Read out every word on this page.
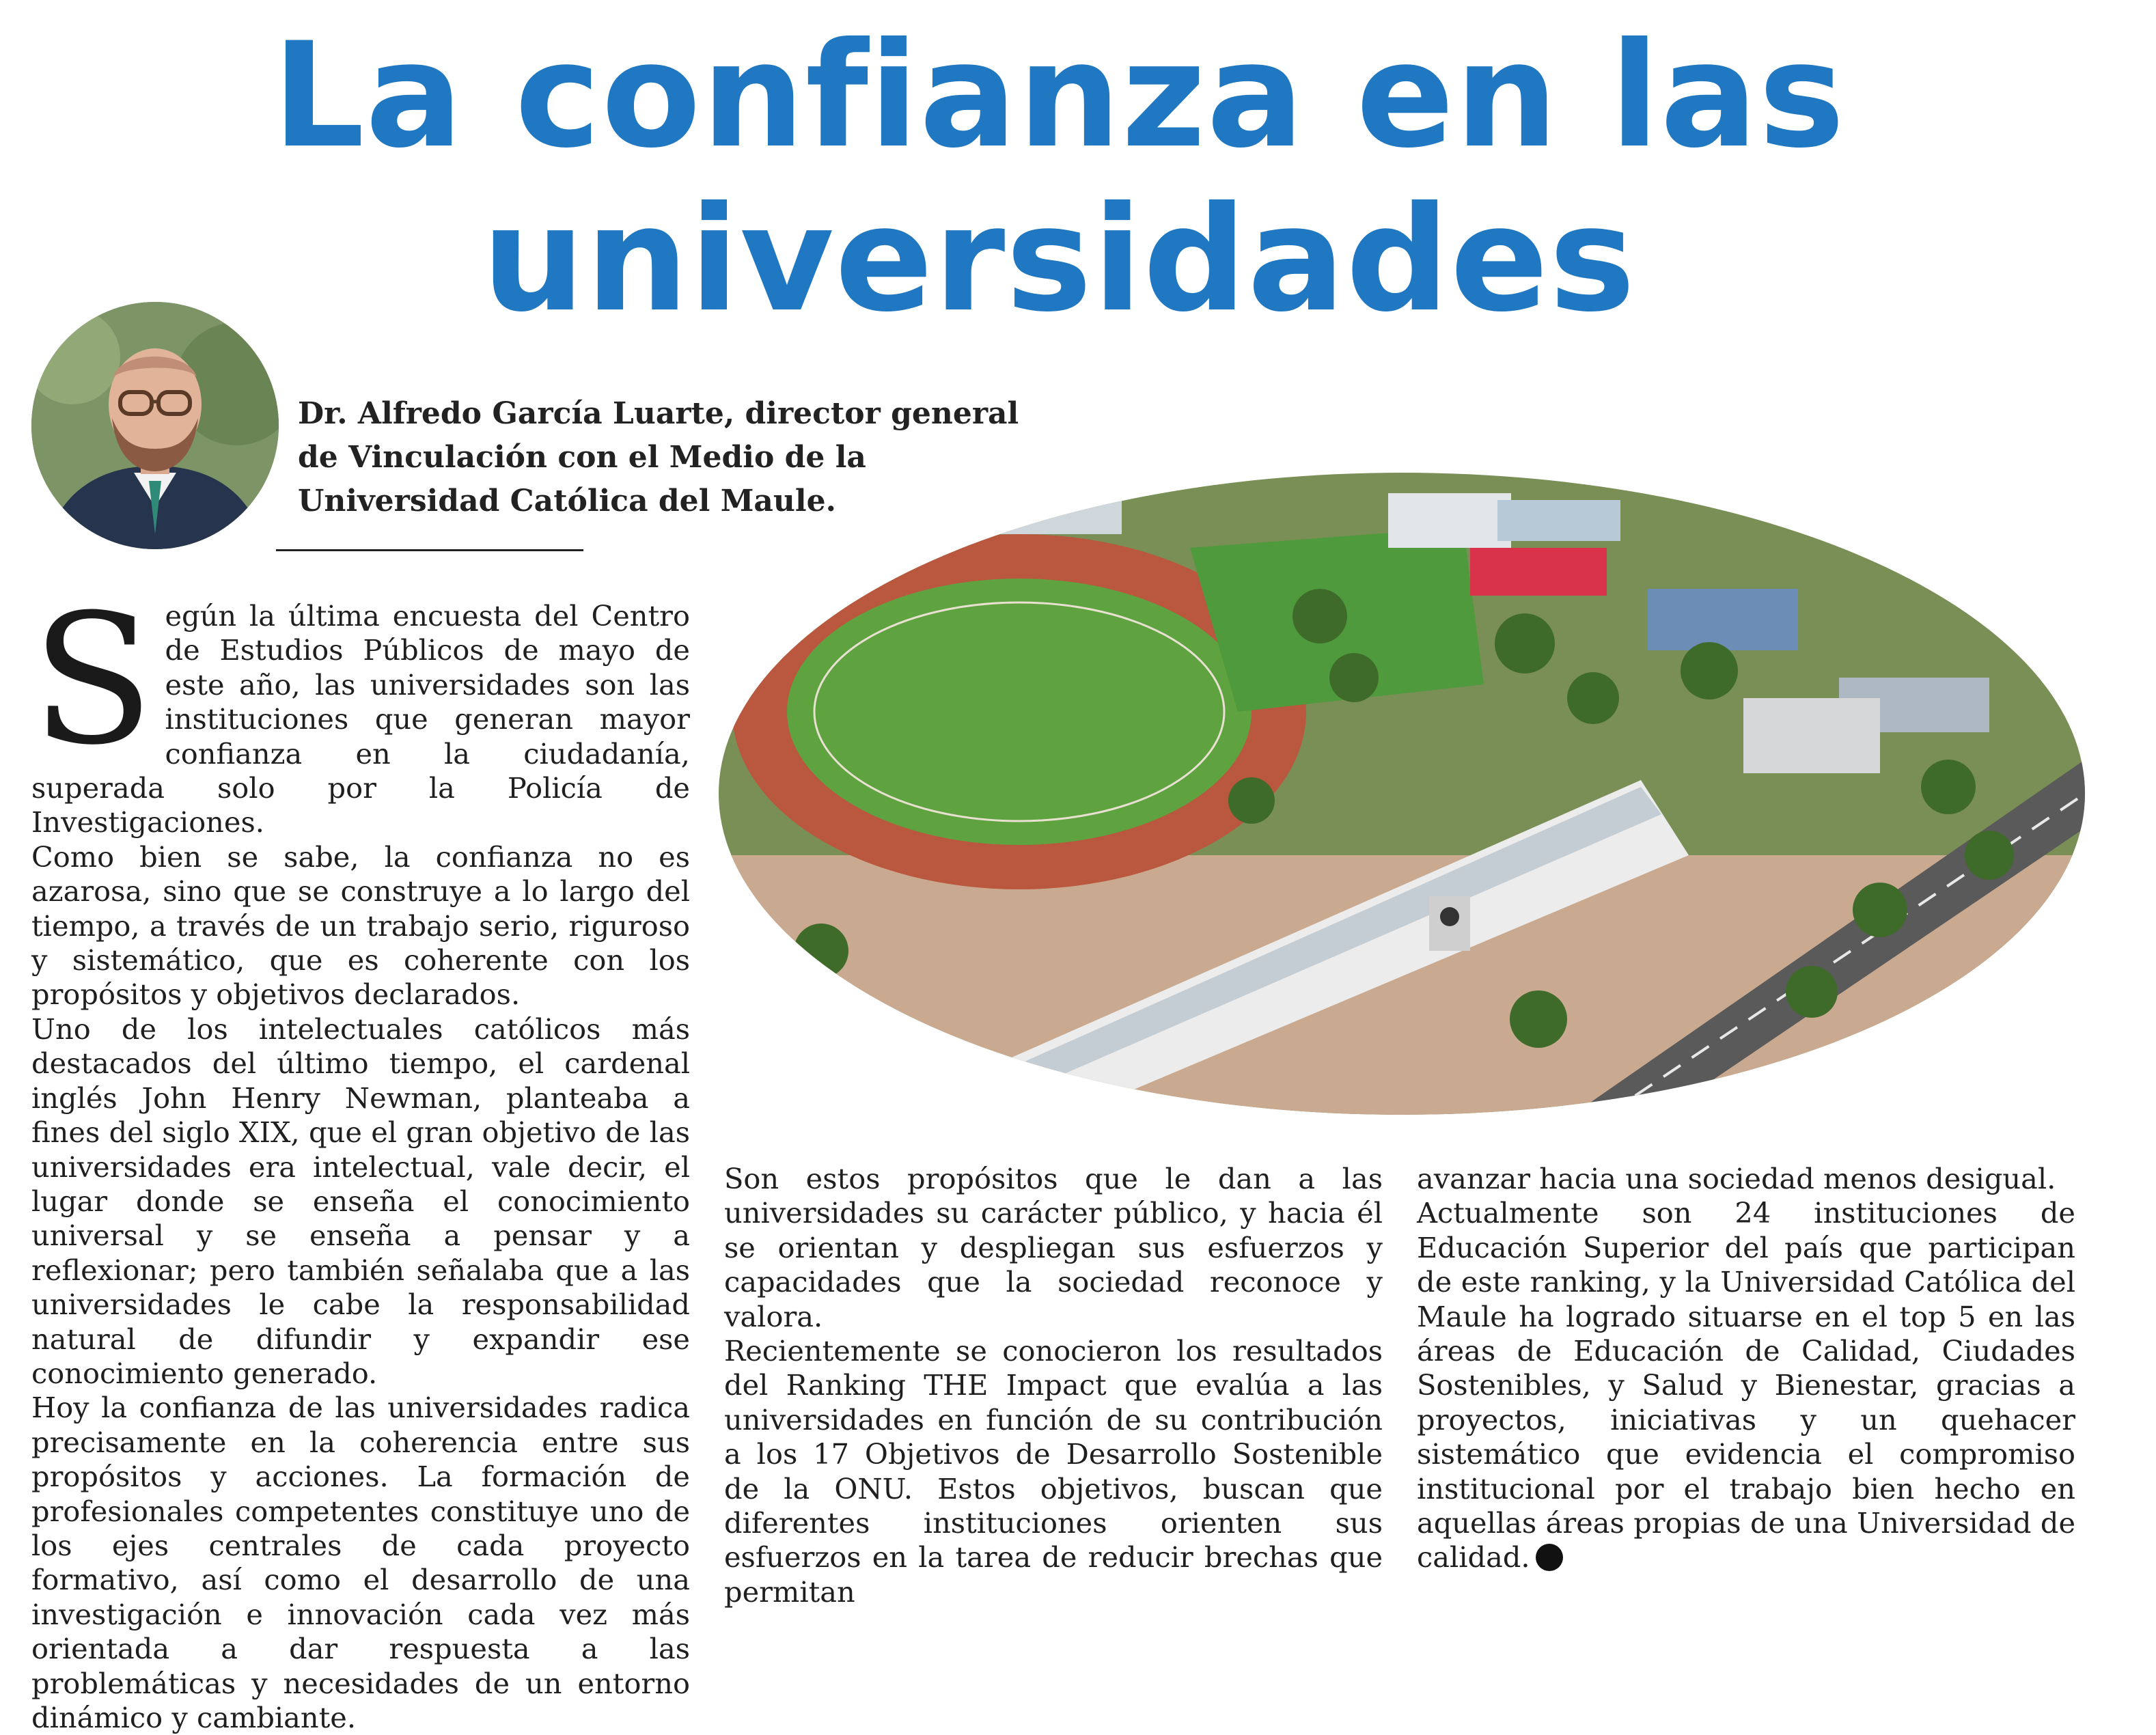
La confianza en las
universidades

Dr. Alfredo García Luarte, director general de Vinculación con el Medio de la Universidad Católica del Maule.

Según la última encuesta del Centro de Estudios Públicos de mayo de este año, las universidades son las instituciones que generan mayor confianza en la ciudadanía, superada solo por la Policía de Investigaciones.

Como bien se sabe, la confianza no es azarosa, sino que se construye a lo largo del tiempo, a través de un trabajo serio, riguroso y sistemático, que es coherente con los propósitos y objetivos declarados.

Uno de los intelectuales católicos más destacados del último tiempo, el cardenal inglés John Henry Newman, planteaba a fines del siglo XIX, que el gran objetivo de las universidades era intelectual, vale decir, el lugar donde se enseña el conocimiento universal y se enseña a pensar y a reflexionar; pero también señalaba que a las universidades le cabe la responsabilidad natural de difundir y expandir ese conocimiento generado.

Hoy la confianza de las universidades radica precisamente en la coherencia entre sus propósitos y acciones. La formación de profesionales competentes constituye uno de los ejes centrales de cada proyecto formativo, así como el desarrollo de una investigación e innovación cada vez más orientada a dar respuesta a las problemáticas y necesidades de un entorno dinámico y cambiante.

Son estos propósitos que le dan a las universidades su carácter público, y hacia él se orientan y despliegan sus esfuerzos y capacidades que la sociedad reconoce y valora.

Recientemente se conocieron los resultados del Ranking THE Impact que evalúa a las universidades en función de su contribución a los 17 Objetivos de Desarrollo Sostenible de la ONU. Estos objetivos, buscan que diferentes instituciones orienten sus esfuerzos en la tarea de reducir brechas que permitan

avanzar hacia una sociedad menos desigual.

Actualmente son 24 instituciones de Educación Superior del país que participan de este ranking, y la Universidad Católica del Maule ha logrado situarse en el top 5 en las áreas de Educación de Calidad, Ciudades Sostenibles, y Salud y Bienestar, gracias a proyectos, iniciativas y un quehacer sistemático que evidencia el compromiso institucional por el trabajo bien hecho en aquellas áreas propias de una Universidad de calidad.
